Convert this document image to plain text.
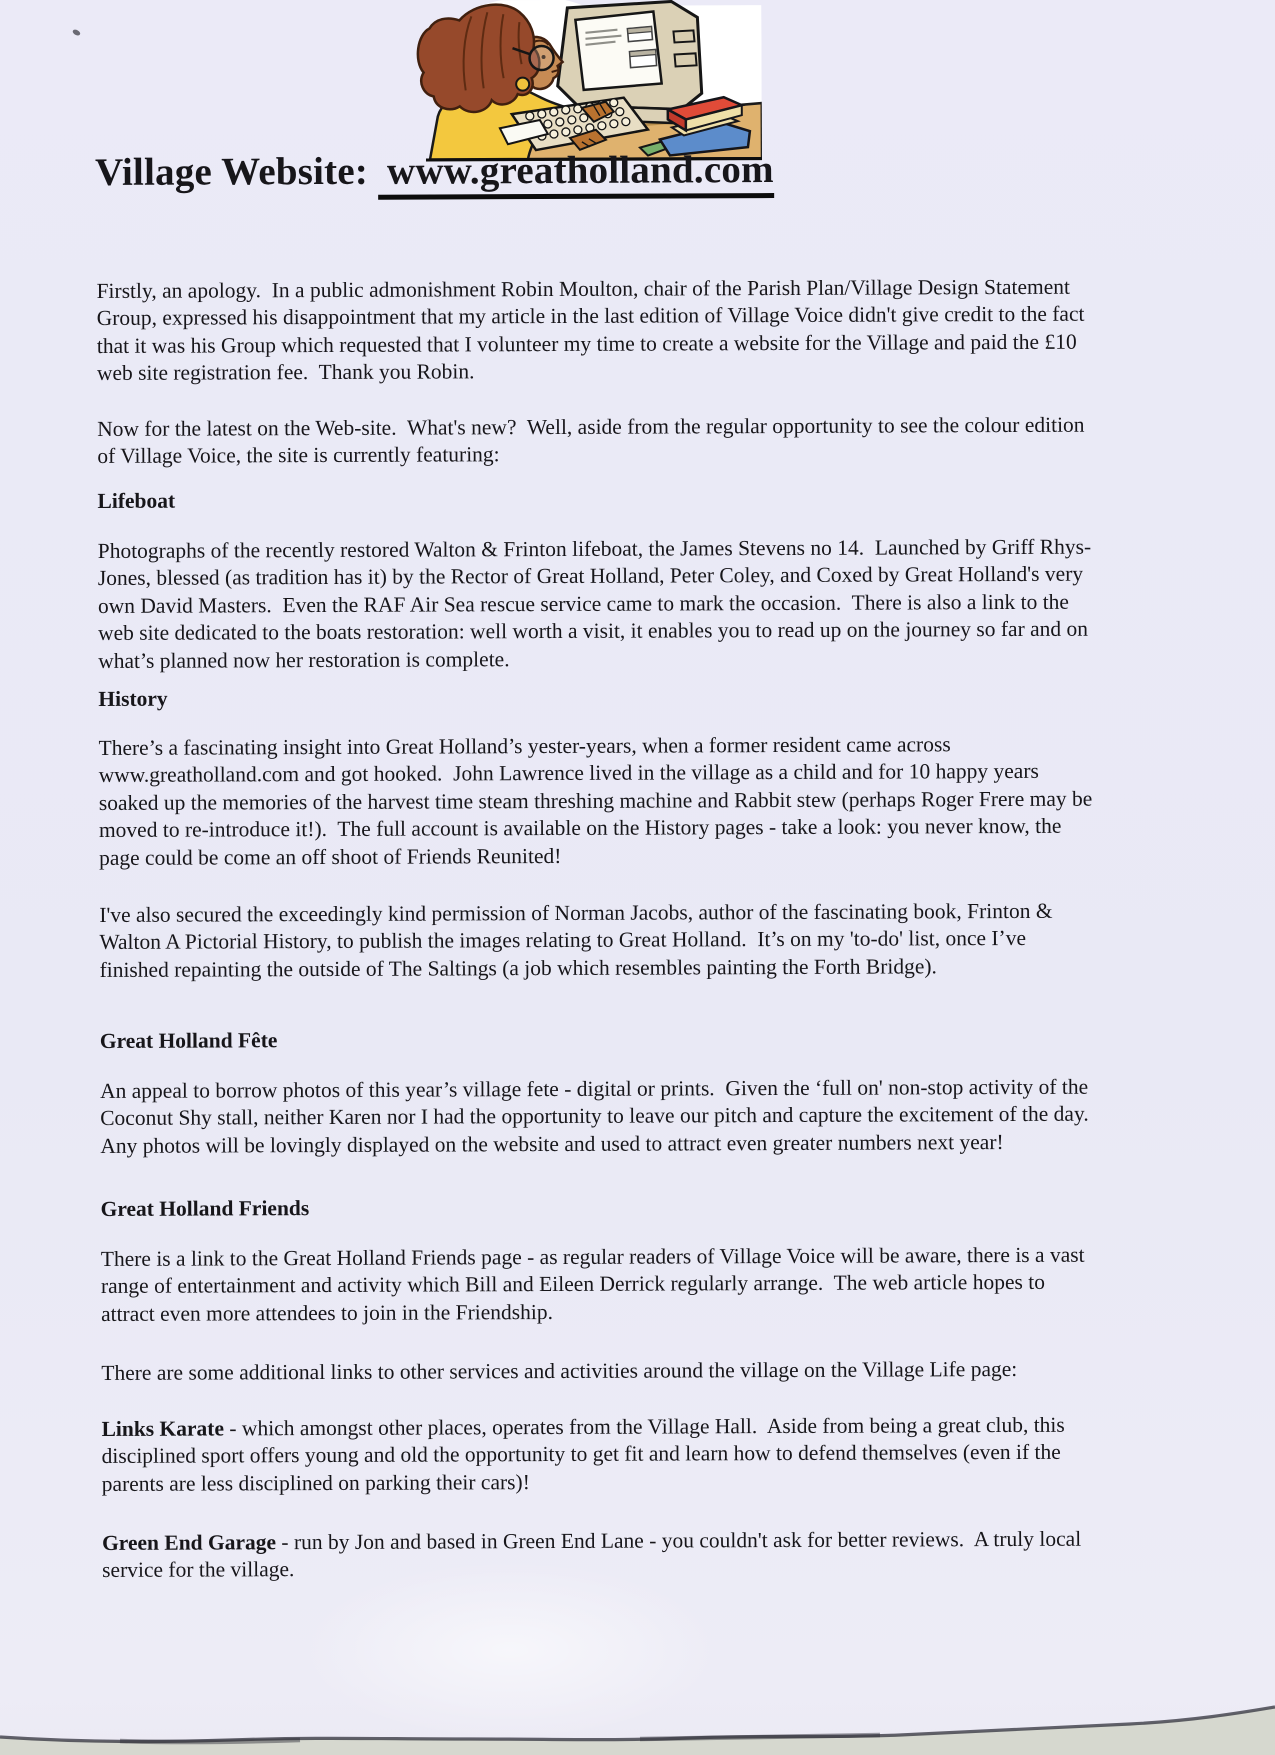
Village Website: www.greatholland.com

Firstly, an apology.  In a public admonishment Robin Moulton, chair of the Parish Plan/Village Design Statement Group, expressed his disappointment that my article in the last edition of Village Voice didn't give credit to the fact that it was his Group which requested that I volunteer my time to create a website for the Village and paid the £10 web site registration fee.  Thank you Robin.

Now for the latest on the Web-site.  What's new?  Well, aside from the regular opportunity to see the colour edition of Village Voice, the site is currently featuring:

Lifeboat

Photographs of the recently restored Walton & Frinton lifeboat, the James Stevens no 14.  Launched by Griff Rhys-Jones, blessed (as tradition has it) by the Rector of Great Holland, Peter Coley, and Coxed by Great Holland's very own David Masters.  Even the RAF Air Sea rescue service came to mark the occasion.  There is also a link to the web site dedicated to the boats restoration: well worth a visit, it enables you to read up on the journey so far and on what’s planned now her restoration is complete.

History

There’s a fascinating insight into Great Holland’s yester-years, when a former resident came across www.greatholland.com and got hooked.  John Lawrence lived in the village as a child and for 10 happy years soaked up the memories of the harvest time steam threshing machine and Rabbit stew (perhaps Roger Frere may be moved to re-introduce it!).  The full account is available on the History pages - take a look: you never know, the page could be come an off shoot of Friends Reunited!

I've also secured the exceedingly kind permission of Norman Jacobs, author of the fascinating book, Frinton & Walton A Pictorial History, to publish the images relating to Great Holland.  It’s on my 'to-do' list, once I’ve finished repainting the outside of The Saltings (a job which resembles painting the Forth Bridge).

Great Holland Fête

An appeal to borrow photos of this year’s village fete - digital or prints.  Given the ‘full on' non-stop activity of the Coconut Shy stall, neither Karen nor I had the opportunity to leave our pitch and capture the excitement of the day.  Any photos will be lovingly displayed on the website and used to attract even greater numbers next year!

Great Holland Friends

There is a link to the Great Holland Friends page - as regular readers of Village Voice will be aware, there is a vast range of entertainment and activity which Bill and Eileen Derrick regularly arrange.  The web article hopes to attract even more attendees to join in the Friendship.

There are some additional links to other services and activities around the village on the Village Life page:

Links Karate - which amongst other places, operates from the Village Hall.  Aside from being a great club, this disciplined sport offers young and old the opportunity to get fit and learn how to defend themselves (even if the parents are less disciplined on parking their cars)!

Green End Garage - run by Jon and based in Green End Lane - you couldn't ask for better reviews.  A truly local service for the village.
